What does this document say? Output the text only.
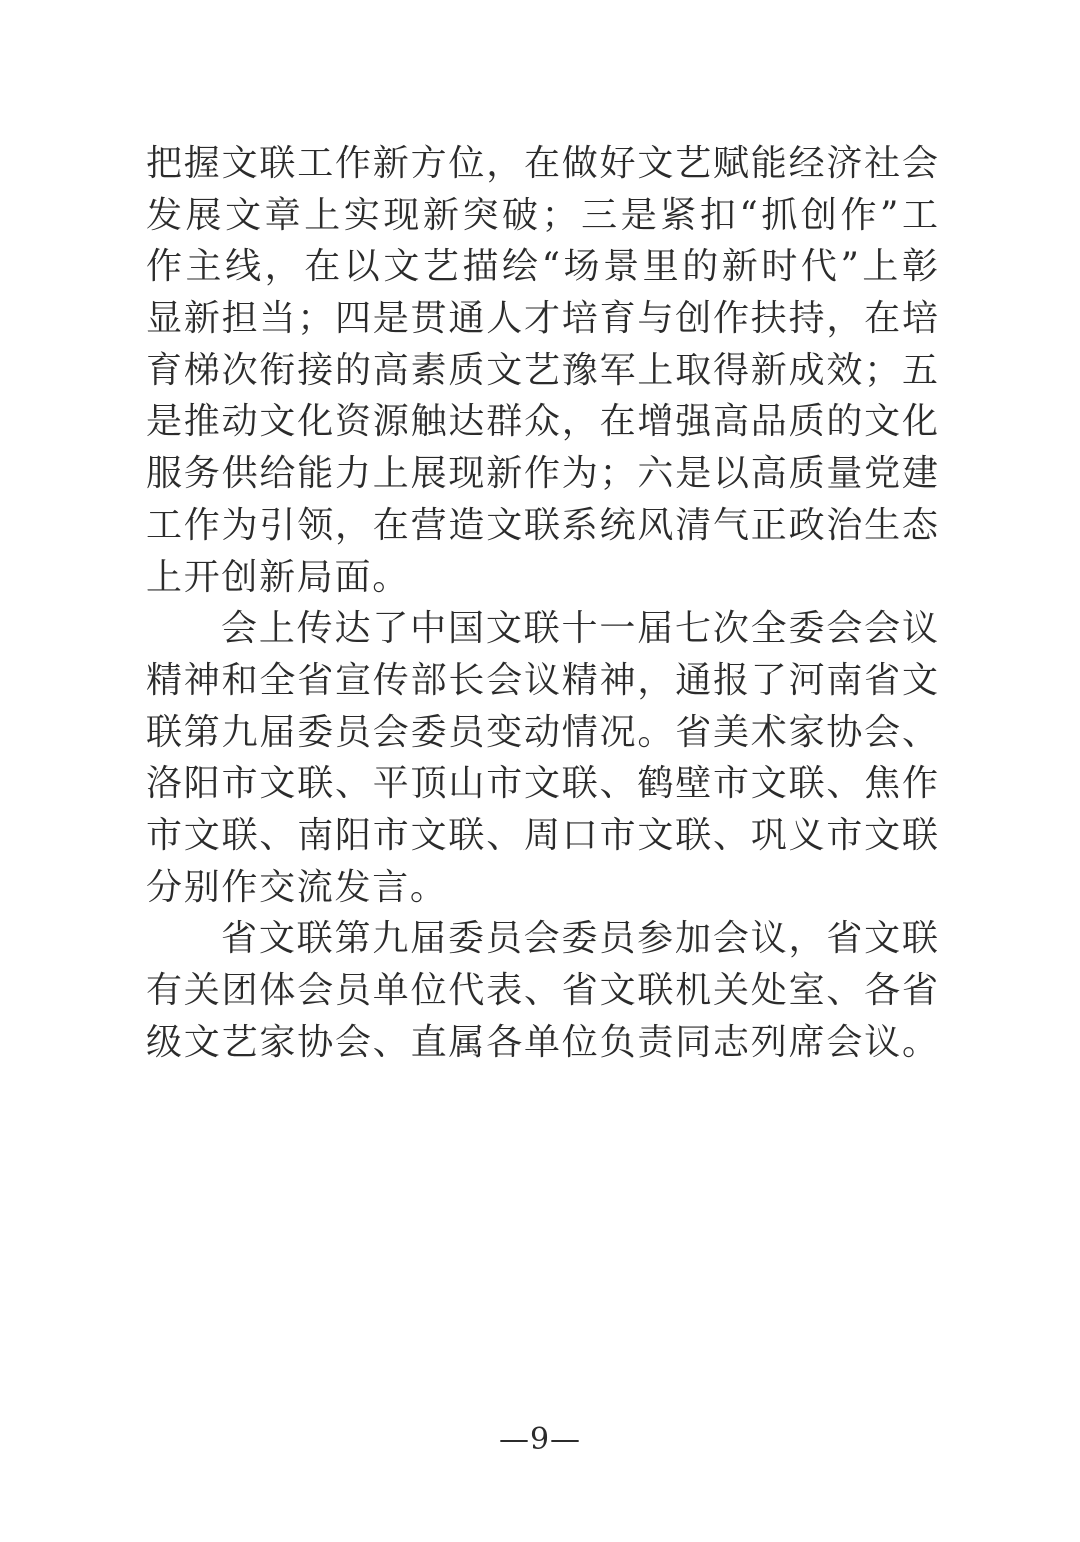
把握文联工作新方位，在做好文艺赋能经济社会

发展文章上实现新突破；三是紧扣“抓创作”工

作主线，在以文艺描绘“场景里的新时代”上彰

显新担当；四是贯通人才培育与创作扶持，在培

育梯次衔接的高素质文艺豫军上取得新成效；五

是推动文化资源触达群众，在增强高品质的文化

服务供给能力上展现新作为；六是以高质量党建

工作为引领，在营造文联系统风清气正政治生态

上开创新局面。

会上传达了中国文联十一届七次全委会会议

精神和全省宣传部长会议精神，通报了河南省文

联第九届委员会委员变动情况。省美术家协会、

洛阳市文联、平顶山市文联、鹤壁市文联、焦作

市文联、南阳市文联、周口市文联、巩义市文联

分别作交流发言。

省文联第九届委员会委员参加会议，省文联

有关团体会员单位代表、省文联机关处室、各省

级文艺家协会、直属各单位负责同志列席会议。

—9—
